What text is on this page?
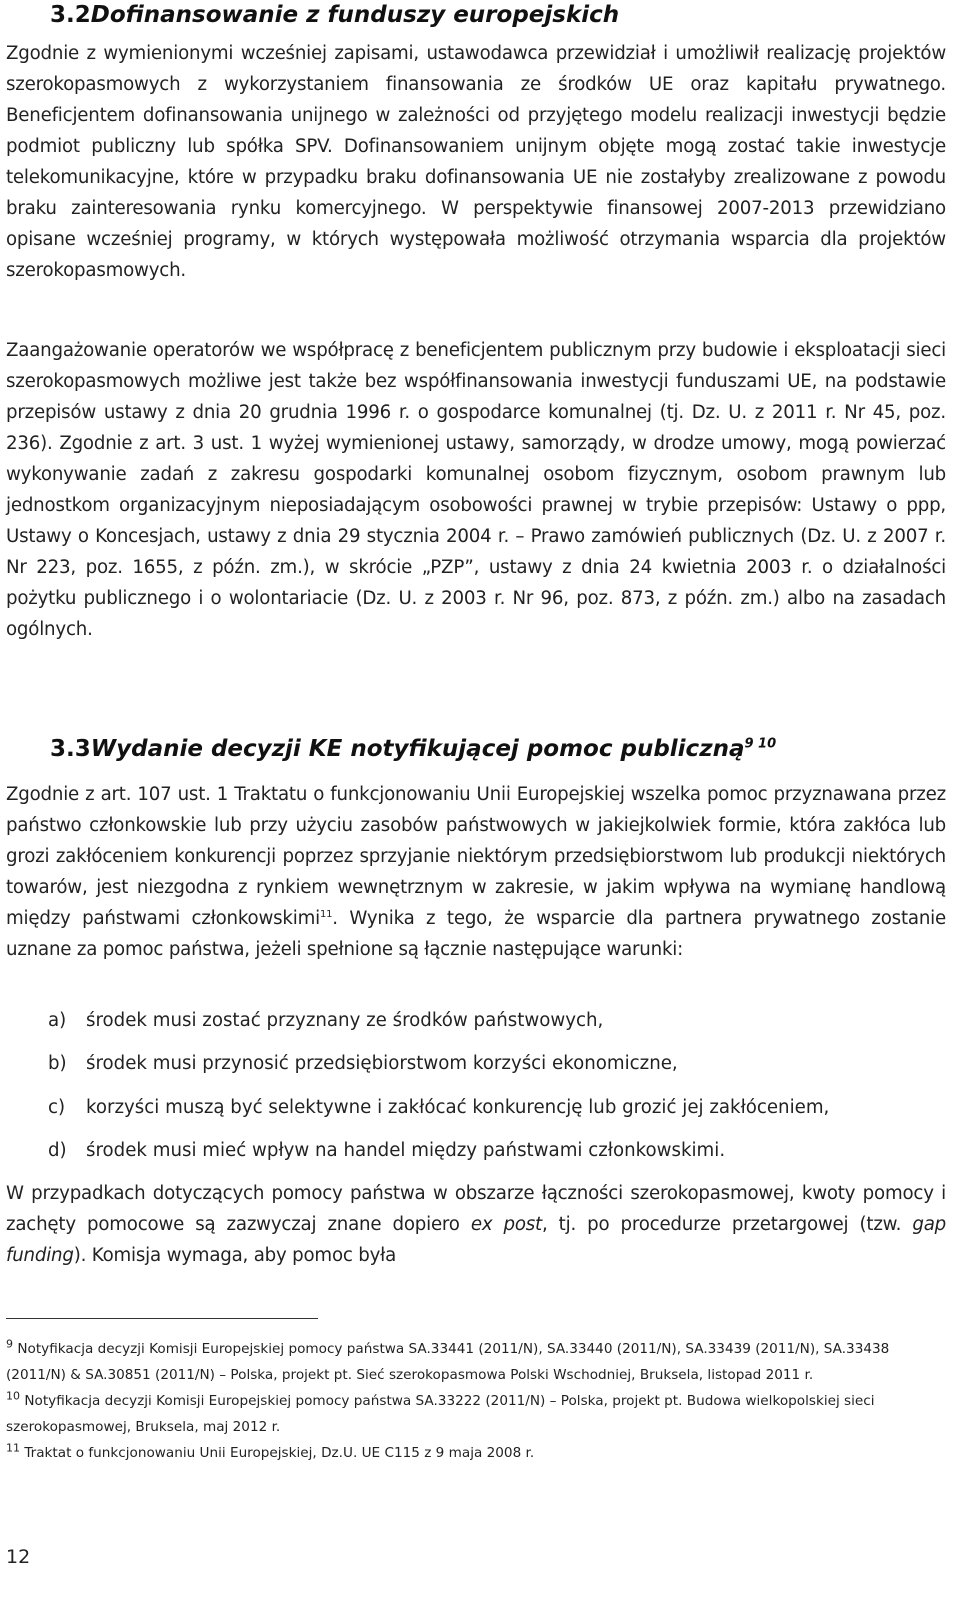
3.2Dofinansowanie z funduszy europejskich

Zgodnie z wymienionymi wcześniej zapisami, ustawodawca przewidział i umożliwił realizację projektów szerokopasmowych z wykorzystaniem finansowania ze środków UE oraz kapitału prywatnego. Beneficjentem dofinansowania unijnego w zależności od przyjętego modelu realizacji inwestycji będzie podmiot publiczny lub spółka SPV. Dofinansowaniem unijnym objęte mogą zostać takie inwestycje telekomunikacyjne, które w przypadku braku dofinansowania UE nie zostałyby zrealizowane z powodu braku zainteresowania rynku komercyjnego. W perspektywie finansowej 2007-2013 przewidziano opisane wcześniej programy, w których występowała możliwość otrzymania wsparcia dla projektów szerokopasmowych.

Zaangażowanie operatorów we współpracę z beneficjentem publicznym przy budowie i eksploatacji sieci szerokopasmowych możliwe jest także bez współfinansowania inwestycji funduszami UE, na podstawie przepisów ustawy z dnia 20 grudnia 1996 r. o gospodarce komunalnej (tj. Dz. U. z 2011 r. Nr 45, poz. 236). Zgodnie z art. 3 ust. 1 wyżej wymienionej ustawy, samorządy, w drodze umowy, mogą powierzać wykonywanie zadań z zakresu gospodarki komunalnej osobom fizycznym, osobom prawnym lub jednostkom organizacyjnym nieposiadającym osobowości prawnej w trybie przepisów: Ustawy o ppp, Ustawy o Koncesjach, ustawy z dnia 29 stycznia 2004 r. – Prawo zamówień publicznych (Dz. U. z 2007 r. Nr 223, poz. 1655, z późn. zm.), w skrócie „PZP”, ustawy z dnia 24 kwietnia 2003 r. o działalności pożytku publicznego i o wolontariacie (Dz. U. z 2003 r. Nr 96, poz. 873, z późn. zm.) albo na zasadach ogólnych.

3.3Wydanie decyzji KE notyfikującej pomoc publiczną$^{9 10}$

Zgodnie z art. 107 ust. 1 Traktatu o funkcjonowaniu Unii Europejskiej wszelka pomoc przyznawana przez państwo członkowskie lub przy użyciu zasobów państwowych w jakiejkolwiek formie, która zakłóca lub grozi zakłóceniem konkurencji poprzez sprzyjanie niektórym przedsiębiorstwom lub produkcji niektórych towarów, jest niezgodna z rynkiem wewnętrznym w zakresie, w jakim wpływa na wymianę handlową między państwami członkowskimi$^{11}$. Wynika z tego, że wsparcie dla partnera prywatnego zostanie uznane za pomoc państwa, jeżeli spełnione są łącznie następujące warunki:

a) środek musi zostać przyznany ze środków państwowych,
b) środek musi przynosić przedsiębiorstwom korzyści ekonomiczne,
c) korzyści muszą być selektywne i zakłócać konkurencję lub grozić jej zakłóceniem,
d) środek musi mieć wpływ na handel między państwami członkowskimi.

W przypadkach dotyczących pomocy państwa w obszarze łączności szerokopasmowej, kwoty pomocy i zachęty pomocowe są zazwyczaj znane dopiero ex post, tj. po procedurze przetargowej (tzw. gap funding). Komisja wymaga, aby pomoc była

$^9$ Notyfikacja decyzji Komisji Europejskiej pomocy państwa SA.33441 (2011/N), SA.33440 (2011/N), SA.33439 (2011/N), SA.33438 (2011/N) & SA.30851 (2011/N) – Polska, projekt pt. Sieć szerokopasmowa Polski Wschodniej, Bruksela, listopad 2011 r.

$^{10}$ Notyfikacja decyzji Komisji Europejskiej pomocy państwa SA.33222 (2011/N) – Polska, projekt pt. Budowa wielkopolskiej sieci szerokopasmowej, Bruksela, maj 2012 r.

$^{11}$ Traktat o funkcjonowaniu Unii Europejskiej, Dz.U. UE C115 z 9 maja 2008 r.

12
